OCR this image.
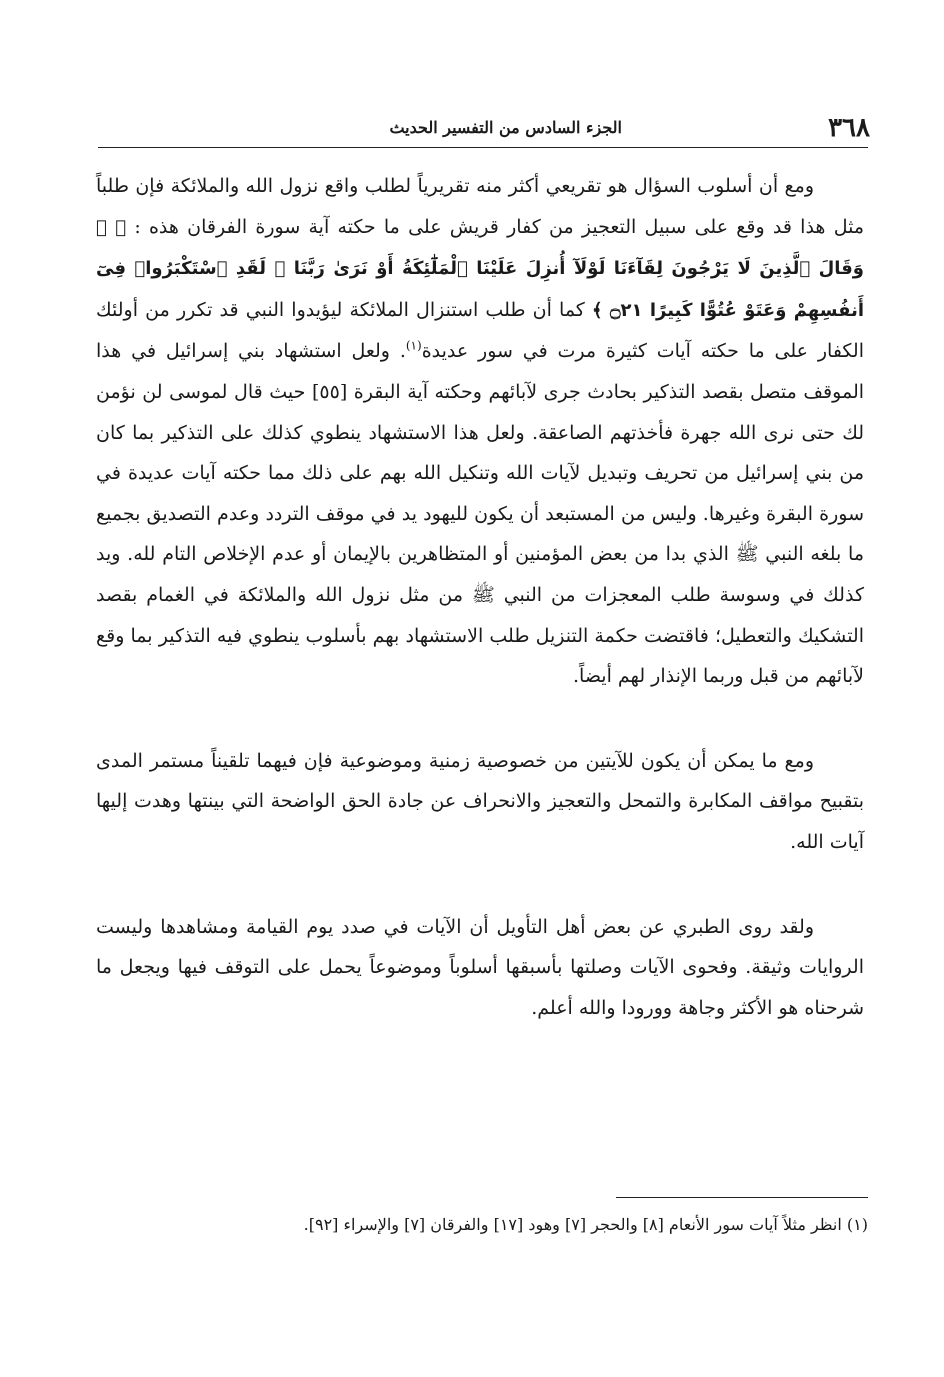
٣٦٨
الجزء السادس من التفسير الحديث

ومع أن أسلوب السؤال هو تقريعي أكثر منه تقريرياً لطلب واقع نزول الله والملائكة فإن طلباً مثل هذا قد وقع على سبيل التعجيز من كفار قريش على ما حكته آية سورة الفرقان هذه : ﴿ ۞ وَقَالَ ٱلَّذِينَ لَا يَرْجُونَ لِقَآءَنَا لَوْلَآ أُنزِلَ عَلَيْنَا ٱلْمَلَٰٓئِكَةُ أَوْ نَرَىٰ رَبَّنَا ۗ لَقَدِ ٱسْتَكْبَرُوا۟ فِىٓ أَنفُسِهِمْ وَعَتَوْ عُتُوًّا كَبِيرًا ۝٢١ ﴾ كما أن طلب استنزال الملائكة ليؤيدوا النبي قد تكرر من أولئك الكفار على ما حكته آيات كثيرة مرت في سور عديدة$^{(١)}$. ولعل استشهاد بني إسرائيل في هذا الموقف متصل بقصد التذكير بحادث جرى لآبائهم وحكته آية البقرة [٥٥] حيث قال لموسى لن نؤمن لك حتى نرى الله جهرة فأخذتهم الصاعقة. ولعل هذا الاستشهاد ينطوي كذلك على التذكير بما كان من بني إسرائيل من تحريف وتبديل لآيات الله وتنكيل الله بهم على ذلك مما حكته آيات عديدة في سورة البقرة وغيرها. وليس من المستبعد أن يكون لليهود يد في موقف التردد وعدم التصديق بجميع ما بلغه النبي ﷺ الذي بدا من بعض المؤمنين أو المتظاهرين بالإيمان أو عدم الإخلاص التام لله. ويد كذلك في وسوسة طلب المعجزات من النبي ﷺ من مثل نزول الله والملائكة في الغمام بقصد التشكيك والتعطيل؛ فاقتضت حكمة التنزيل طلب الاستشهاد بهم بأسلوب ينطوي فيه التذكير بما وقع لآبائهم من قبل وربما الإنذار لهم أيضاً.

ومع ما يمكن أن يكون للآيتين من خصوصية زمنية وموضوعية فإن فيهما تلقيناً مستمر المدى بتقبيح مواقف المكابرة والتمحل والتعجيز والانحراف عن جادة الحق الواضحة التي بينتها وهدت إليها آيات الله.

ولقد روى الطبري عن بعض أهل التأويل أن الآيات في صدد يوم القيامة ومشاهدها وليست الروايات وثيقة. وفحوى الآيات وصلتها بأسبقها أسلوباً وموضوعاً يحمل على التوقف فيها ويجعل ما شرحناه هو الأكثر وجاهة وورودا والله أعلم.

(١) انظر مثلاً آيات سور الأنعام [٨] والحجر [٧] وهود [١٧] والفرقان [٧] والإسراء [٩٢].
